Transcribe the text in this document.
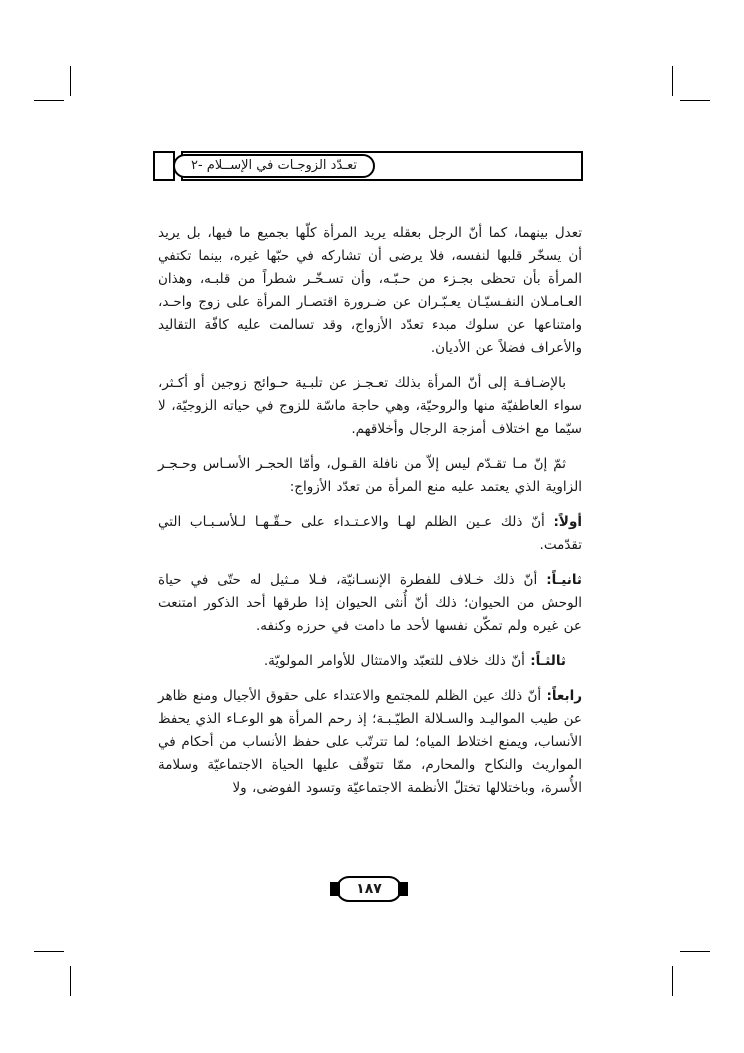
تعـدّد الزوجـات في الإســلام -٢

تعدل بينهما، كما أنّ الرجل بعقله يريد المرأة كلّها بجميع ما فيها، بل يريد أن يسخّر قلبها لنفسه، فلا يرضى أن تشاركه في حبّها غيره، بينما تكتفي المرأة بأن تحظى بجـزء من حـبّـه، وأن تسـخّـر شطراً من قلبـه، وهذان العـامـلان النفـسيّـان يعـبّـران عن ضـرورة اقتصـار المرأة على زوج واحـد، وامتناعها عن سلوك مبدء تعدّد الأزواج، وقد تسالمت عليه كافّة التقاليد والأعراف فضلاً عن الأديان.

بالإضـافـة إلى أنّ المرأة بذلك تعـجـز عن تلبـية حـوائج زوجين أو أكـثر، سواء العاطفيّة منها والروحيّة، وهي حاجة ماسّة للزوج في حياته الزوجيّة، لا سيّما مع اختلاف أمزجة الرجال وأخلاقهم.

ثمّ إنّ مـا تقـدّم ليس إلاّ من نافلة القـول، وأمّا الحجـر الأسـاس وحـجـر الزاوية الذي يعتمد عليه منع المرأة من تعدّد الأزواج:

أولاً: أنّ ذلك عـين الظلم لهـا والاعـتـداء على حـقّـهـا لـلأسـبـاب التي تقدّمت.

ثانيـاً: أنّ ذلك خـلاف للفطرة الإنسـانيّة، فـلا مـثيل له حتّى في حياة الوحش من الحيوان؛ ذلك أنّ أُنثى الحيوان إذا طرقها أحد الذكور امتنعت عن غيره ولم تمكّن نفسها لأحد ما دامت في حرزه وكنفه.

ثالثـاً: أنّ ذلك خلاف للتعبّد والامتثال للأوامر المولويّة.

رابعاً: أنّ ذلك عين الظلم للمجتمع والاعتداء على حقوق الأجيال ومنع ظاهر عن طيب المواليـد والسـلالة الطيّـبـة؛ إذ رحم المرأة هو الوعـاء الذي يحفظ الأنساب، ويمنع اختلاط المياه؛ لما تترتّب على حفظ الأنساب من أحكام في المواريث والنكاح والمحارم، ممّا تتوقّف عليها الحياة الاجتماعيّة وسلامة الأُسرة، وباختلالها تختلّ الأنظمة الاجتماعيّة وتسود الفوضى، ولا

١٨٧
